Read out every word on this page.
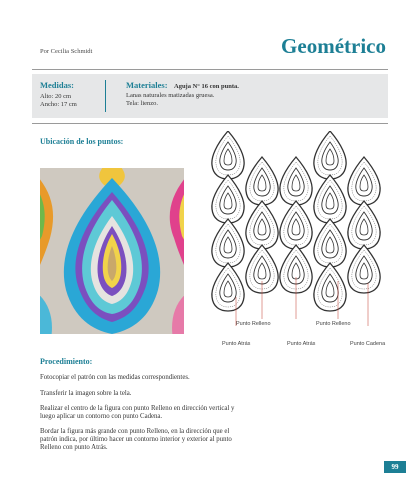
Por Cecilia Schmidt	Geométrico
Medidas:
Alto: 20 cm
Ancho: 17 cm
Materiales: Aguja N° 16 con punta.
Lanas naturales matizadas gruesa.
Tela: lienzo.
Ubicación de los puntos:
Punto Relleno	Punto Relleno
Punto Atrás	Punto Atrás	Punto Cadena
Procedimiento:
Fotocopiar el patrón con las medidas correspondientes.
Transferir la imagen sobre la tela.
Realizar el centro de la figura con punto Relleno en dirección vertical y luego aplicar un contorno con punto Cadena.
Bordar la figura más grande con punto Relleno, en la dirección que el patrón indica, por último hacer un contorno interior y exterior al punto Relleno con punto Atrás.
99
